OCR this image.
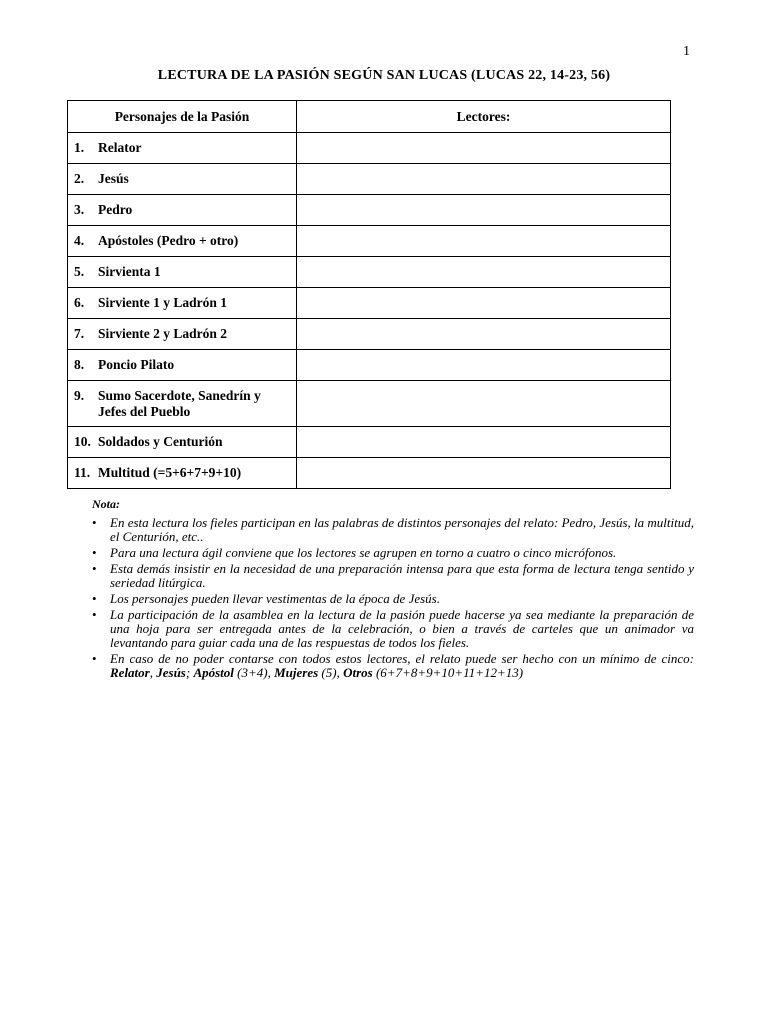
1
LECTURA DE LA PASIÓN SEGÚN SAN LUCAS (LUCAS 22, 14-23, 56)
Personajes de la Pasión	Lectores:
1. Relator	
2. Jesús	
3. Pedro	
4. Apóstoles (Pedro + otro)	
5. Sirvienta 1	
6. Sirviente 1 y Ladrón 1	
7. Sirviente 2 y Ladrón 2	
8. Poncio Pilato	
9. Sumo Sacerdote, Sanedrín y Jefes del Pueblo	
10. Soldados y Centurión	
11. Multitud (=5+6+7+9+10)	
Nota:
• En esta lectura los fieles participan en las palabras de distintos personajes del relato: Pedro, Jesús, la multitud, el Centurión, etc..
• Para una lectura ágil conviene que los lectores se agrupen en torno a cuatro o cinco micrófonos.
• Esta demás insistir en la necesidad de una preparación intensa para que esta forma de lectura tenga sentido y seriedad litúrgica.
• Los personajes pueden llevar vestimentas de la época de Jesús.
• La participación de la asamblea en la lectura de la pasión puede hacerse ya sea mediante la preparación de una hoja para ser entregada antes de la celebración, o bien a través de carteles que un animador va levantando para guiar cada una de las respuestas de todos los fieles.
• En caso de no poder contarse con todos estos lectores, el relato puede ser hecho con un mínimo de cinco: Relator, Jesús; Apóstol (3+4), Mujeres (5), Otros (6+7+8+9+10+11+12+13)
